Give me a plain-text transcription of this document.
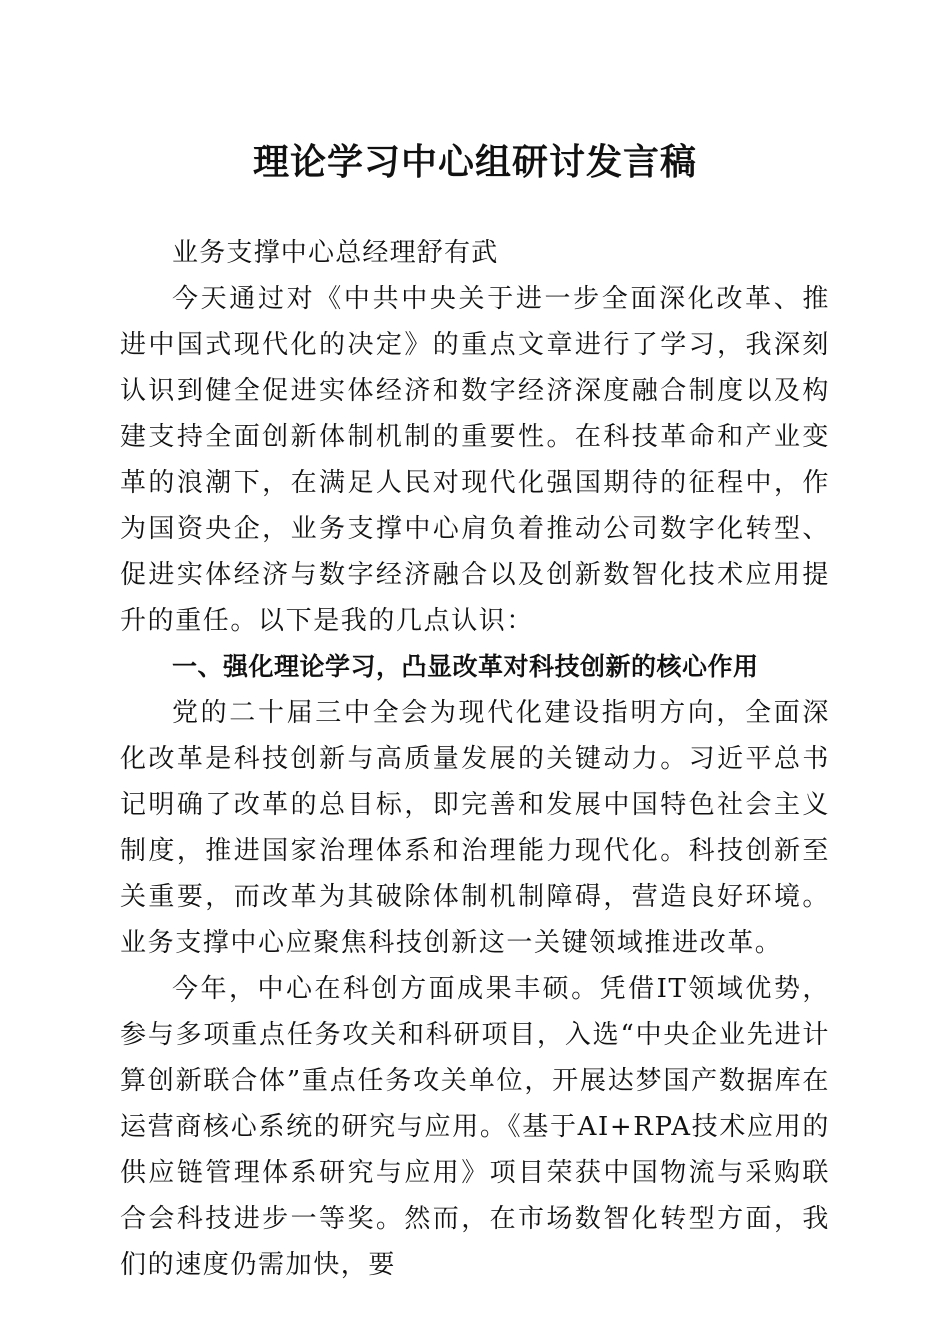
理论学习中心组研讨发言稿

业务支撑中心总经理舒有武

今天通过对《中共中央关于进一步全面深化改革、推进中国式现代化的决定》的重点文章进行了学习，我深刻认识到健全促进实体经济和数字经济深度融合制度以及构建支持全面创新体制机制的重要性。在科技革命和产业变革的浪潮下，在满足人民对现代化强国期待的征程中，作为国资央企，业务支撑中心肩负着推动公司数字化转型、促进实体经济与数字经济融合以及创新数智化技术应用提升的重任。以下是我的几点认识：

一、强化理论学习，凸显改革对科技创新的核心作用

党的二十届三中全会为现代化建设指明方向，全面深化改革是科技创新与高质量发展的关键动力。习近平总书记明确了改革的总目标，即完善和发展中国特色社会主义制度，推进国家治理体系和治理能力现代化。科技创新至关重要，而改革为其破除体制机制障碍，营造良好环境。业务支撑中心应聚焦科技创新这一关键领域推进改革。

今年，中心在科创方面成果丰硕。凭借IT领域优势，参与多项重点任务攻关和科研项目，入选“中央企业先进计算创新联合体”重点任务攻关单位，开展达梦国产数据库在运营商核心系统的研究与应用。《基于AI+RPA技术应用的供应链管理体系研究与应用》项目荣获中国物流与采购联合会科技进步一等奖。然而，在市场数智化转型方面，我们的速度仍需加快，要
